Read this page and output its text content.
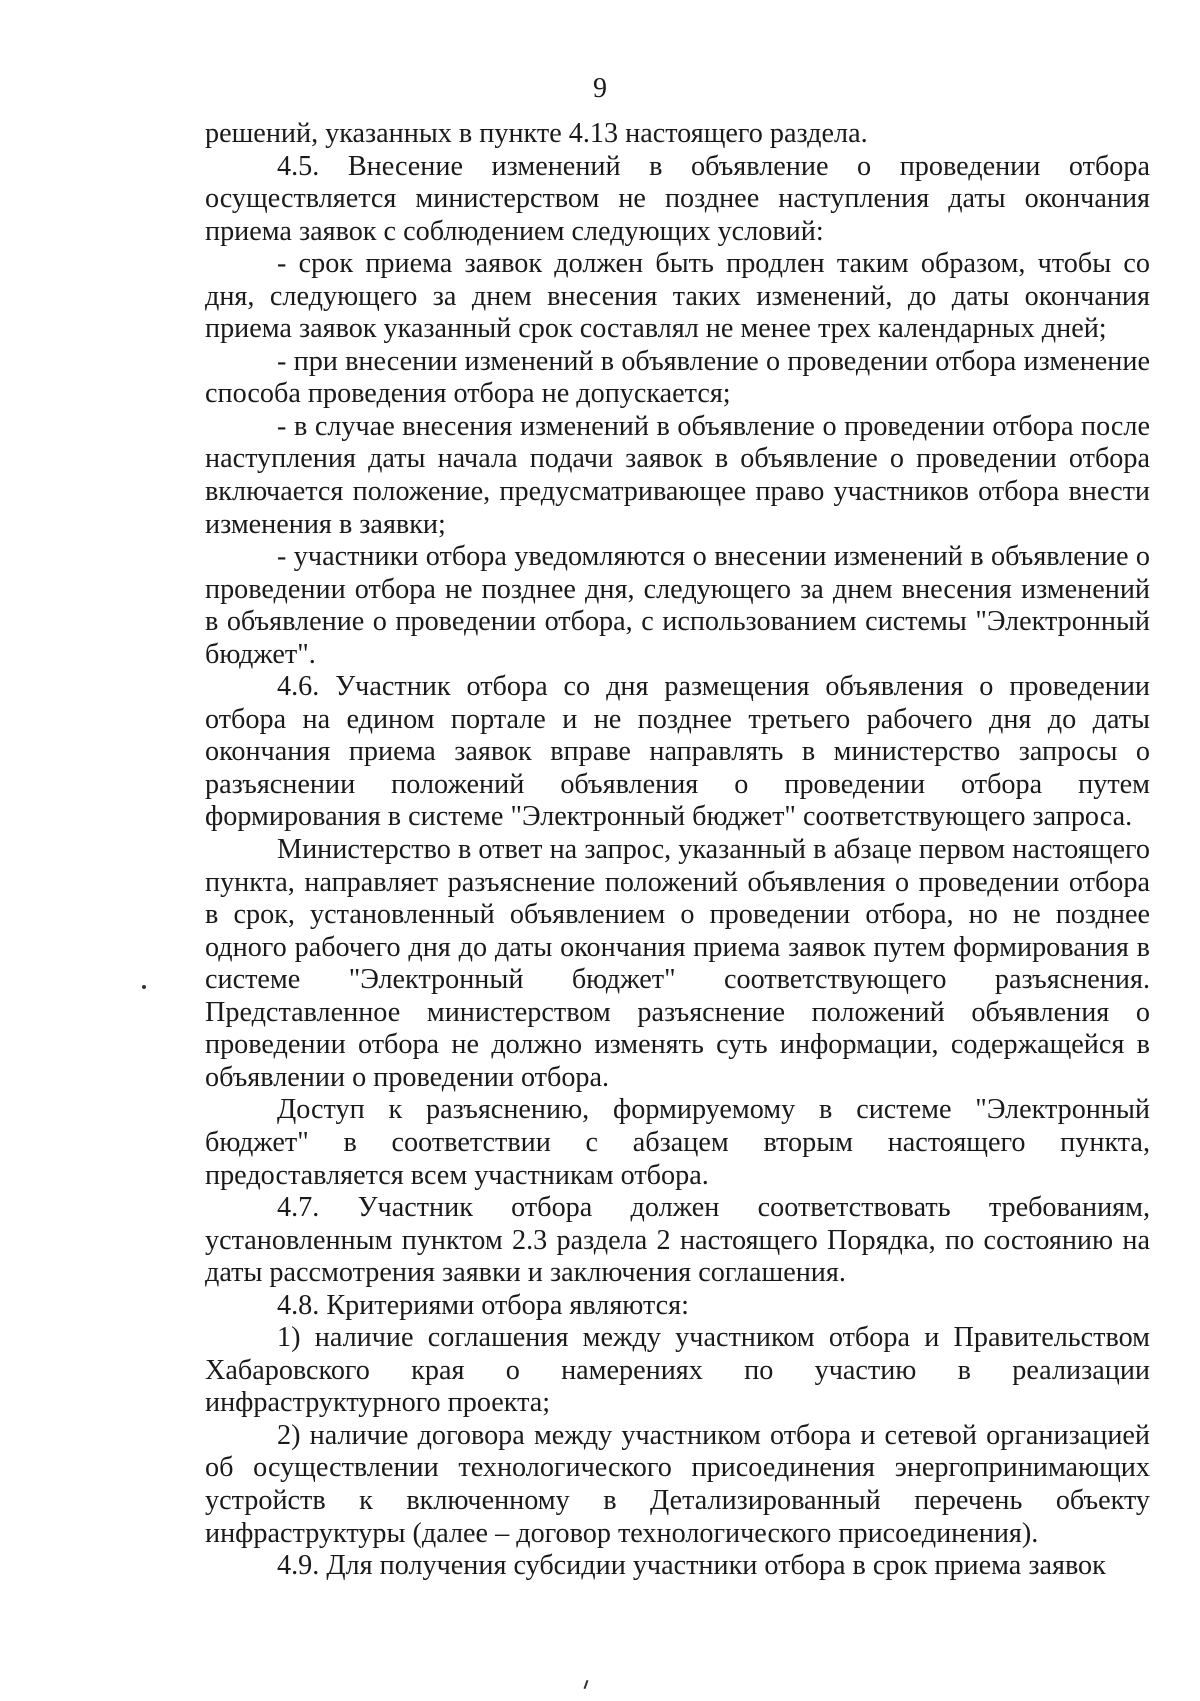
9

решений, указанных в пункте 4.13 настоящего раздела.

4.5. Внесение изменений в объявление о проведении отбора осуществляется министерством не позднее наступления даты окончания приема заявок с соблюдением следующих условий:

- срок приема заявок должен быть продлен таким образом, чтобы со дня, следующего за днем внесения таких изменений, до даты окончания приема заявок указанный срок составлял не менее трех календарных дней;

- при внесении изменений в объявление о проведении отбора изменение способа проведения отбора не допускается;

- в случае внесения изменений в объявление о проведении отбора после наступления даты начала подачи заявок в объявление о проведении отбора включается положение, предусматривающее право участников отбора внести изменения в заявки;

- участники отбора уведомляются о внесении изменений в объявление о проведении отбора не позднее дня, следующего за днем внесения изменений в объявление о проведении отбора, с использованием системы "Электронный бюджет".

4.6. Участник отбора со дня размещения объявления о проведении отбора на едином портале и не позднее третьего рабочего дня до даты окончания приема заявок вправе направлять в министерство запросы о разъяснении положений объявления о проведении отбора путем формирования в системе "Электронный бюджет" соответствующего запроса.

Министерство в ответ на запрос, указанный в абзаце первом настоящего пункта, направляет разъяснение положений объявления о проведении отбора в срок, установленный объявлением о проведении отбора, но не позднее одного рабочего дня до даты окончания приема заявок путем формирования в системе "Электронный бюджет" соответствующего разъяснения. Представленное министерством разъяснение положений объявления о проведении отбора не должно изменять суть информации, содержащейся в объявлении о проведении отбора.

Доступ к разъяснению, формируемому в системе "Электронный бюджет" в соответствии с абзацем вторым настоящего пункта, предоставляется всем участникам отбора.

4.7. Участник отбора должен соответствовать требованиям, установленным пунктом 2.3 раздела 2 настоящего Порядка, по состоянию на даты рассмотрения заявки и заключения соглашения.

4.8. Критериями отбора являются:

1) наличие соглашения между участником отбора и Правительством Хабаровского края о намерениях по участию в реализации инфраструктурного проекта;

2) наличие договора между участником отбора и сетевой организацией об осуществлении технологического присоединения энергопринимающих устройств к включенному в Детализированный перечень объекту инфраструктуры (далее – договор технологического присоединения).

4.9. Для получения субсидии участники отбора в срок приема заявок
